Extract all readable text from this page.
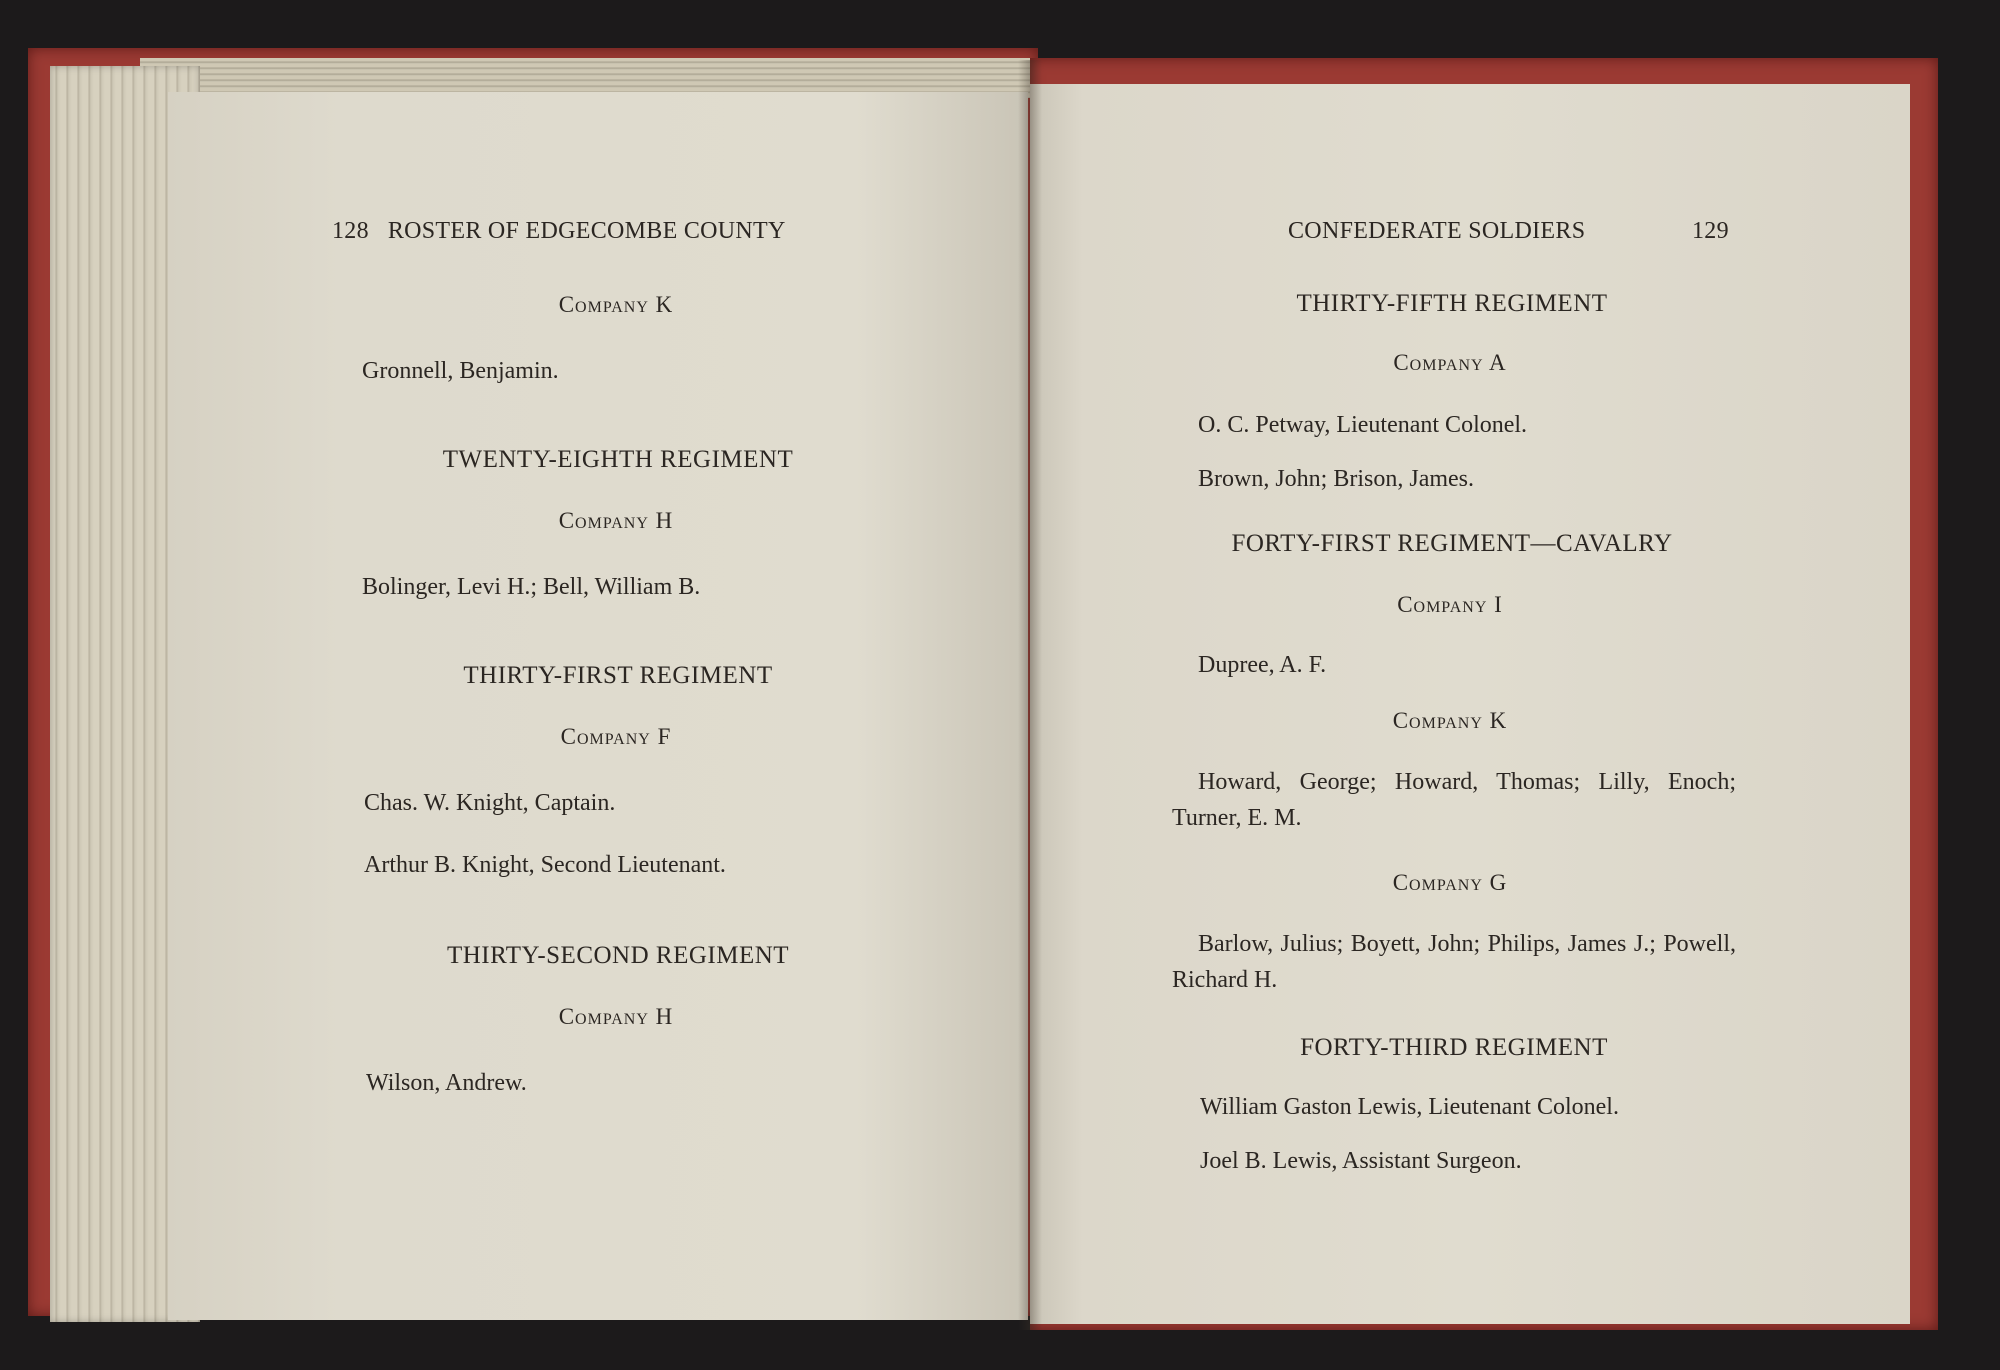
128 ROSTER OF EDGECOMBE COUNTY
Company K
Gronnell, Benjamin.
TWENTY-EIGHTH REGIMENT
Company H
Bolinger, Levi H.; Bell, William B.
THIRTY-FIRST REGIMENT
Company F
Chas. W. Knight, Captain.
Arthur B. Knight, Second Lieutenant.
THIRTY-SECOND REGIMENT
Company H
Wilson, Andrew.
CONFEDERATE SOLDIERS	129
THIRTY-FIFTH REGIMENT
Company A
O. C. Petway, Lieutenant Colonel.
Brown, John; Brison, James.
FORTY-FIRST REGIMENT—CAVALRY
Company I
Dupree, A. F.
Company K
Howard, George; Howard, Thomas; Lilly, Enoch; Turner, E. M.
Company G
Barlow, Julius; Boyett, John; Philips, James J.; Powell, Richard H.
FORTY-THIRD REGIMENT
William Gaston Lewis, Lieutenant Colonel.
Joel B. Lewis, Assistant Surgeon.
